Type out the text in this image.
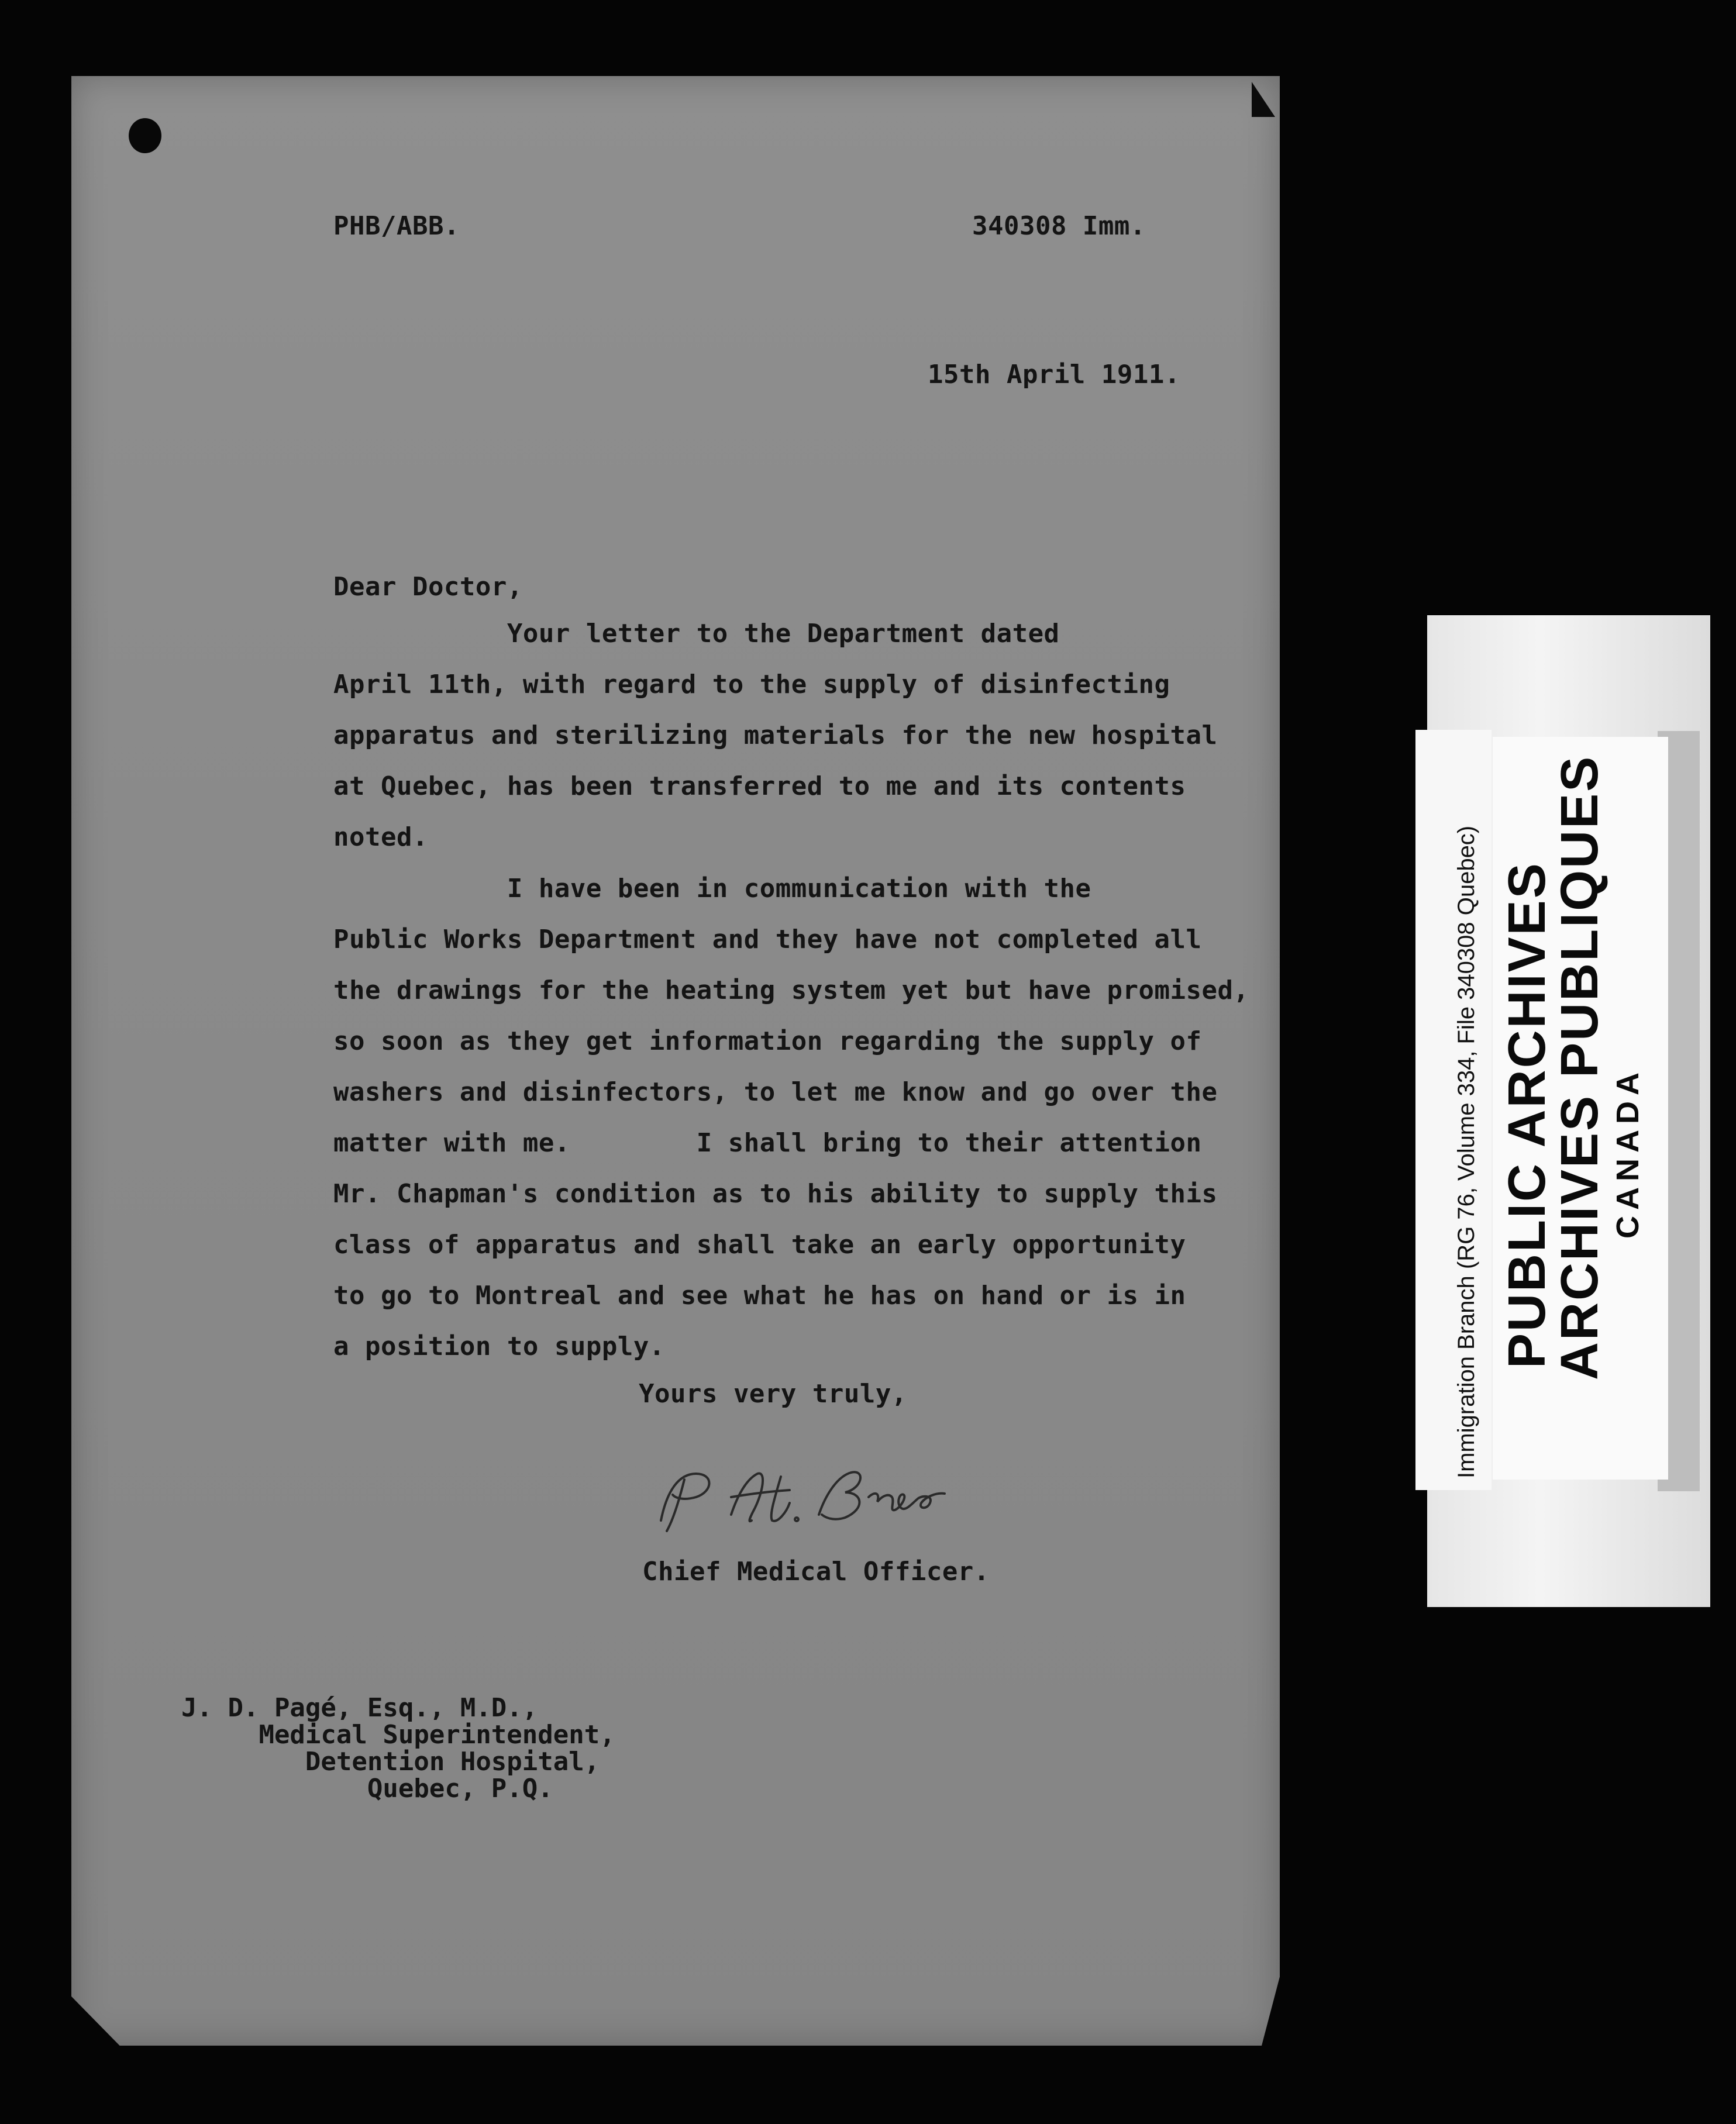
PHB/ABB.	340308 Imm.
15th April 1911.
Dear Doctor,
Your letter to the Department dated
April 11th, with regard to the supply of disinfecting
apparatus and sterilizing materials for the new hospital
at Quebec, has been transferred to me and its contents
noted.
I have been in communication with the
Public Works Department and they have not completed all
the drawings for the heating system yet but have promised,
so soon as they get information regarding the supply of
washers and disinfectors, to let me know and go over the
matter with me.        I shall bring to their attention
Mr. Chapman's condition as to his ability to supply this
class of apparatus and shall take an early opportunity
to go to Montreal and see what he has on hand or is in
a position to supply.
Yours very truly,
Chief Medical Officer.
J. D. Pagé, Esq., M.D.,
Medical Superintendent,
Detention Hospital,
Quebec, P.Q.
Immigration Branch (RG 76, Volume 334, File 340308 Quebec) PUBLIC ARCHIVES
ARCHIVES PUBLIQUES CANADA
